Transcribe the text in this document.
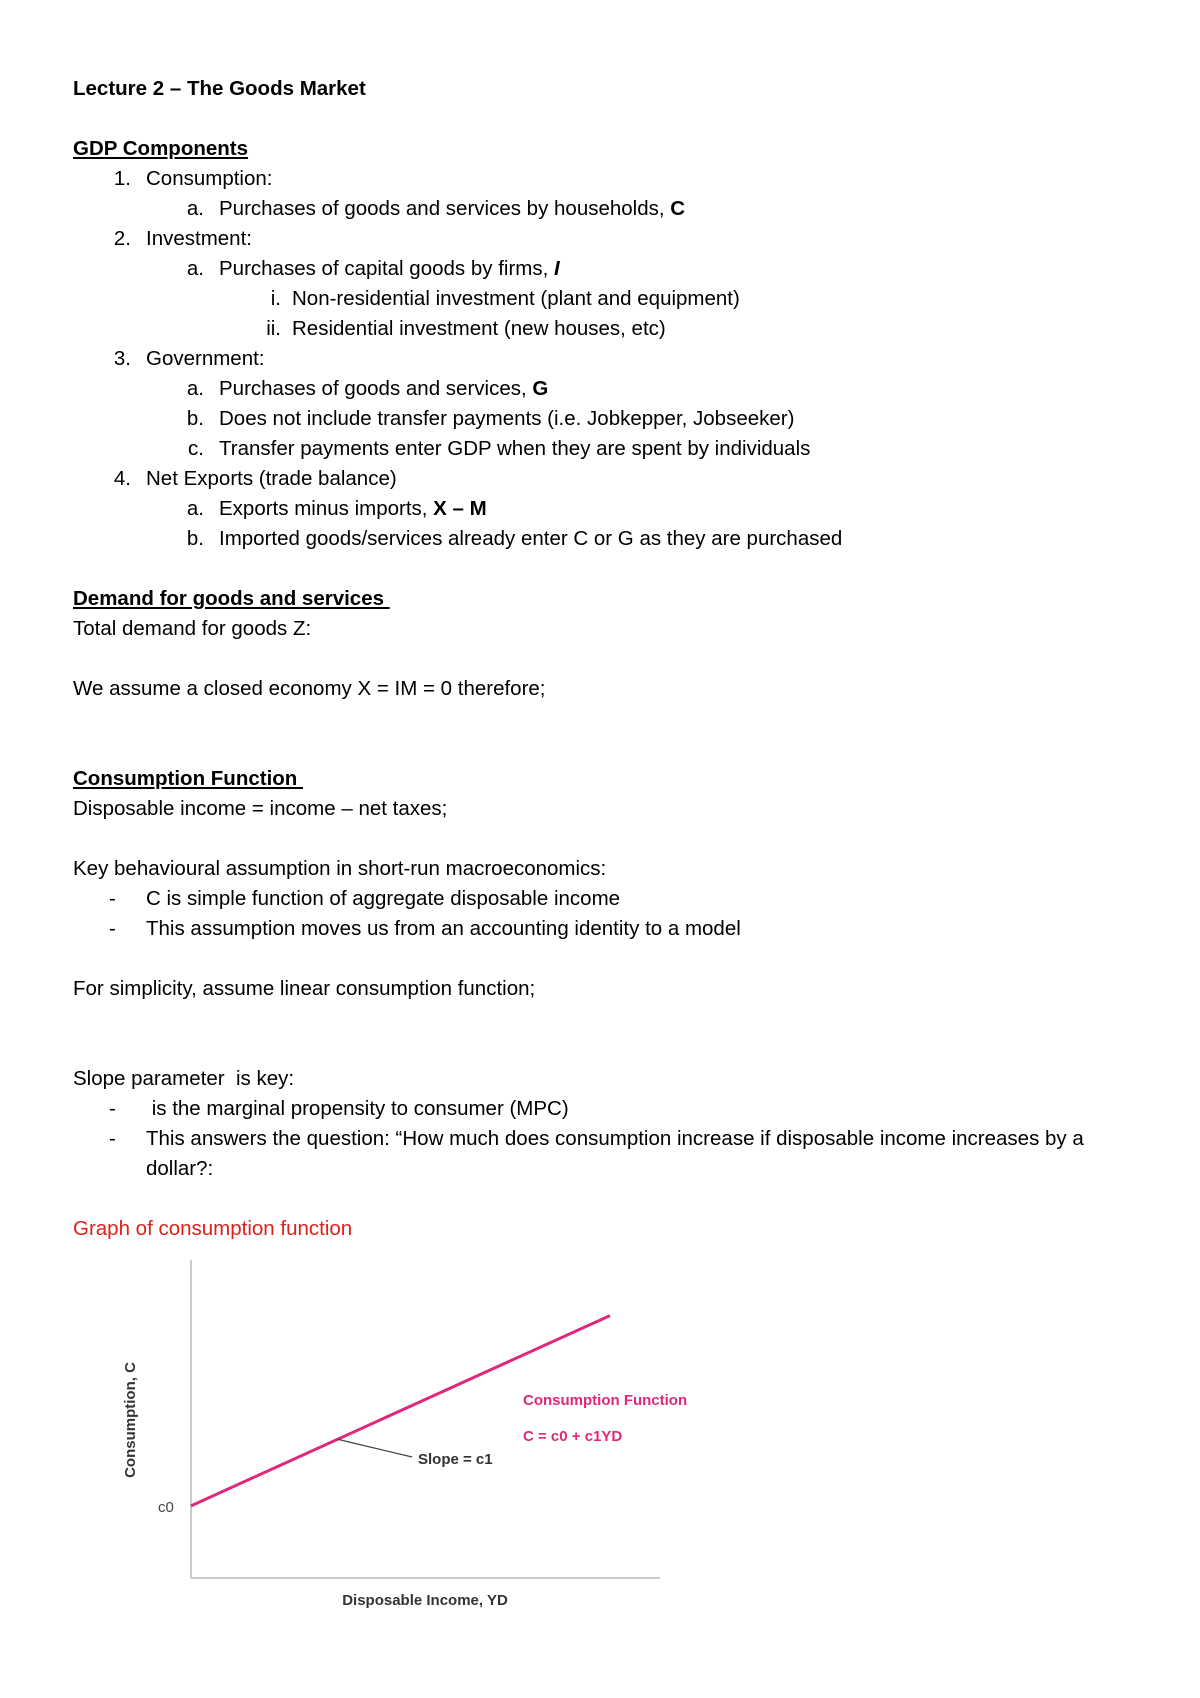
Lecture 2 – The Goods Market
GDP Components
1. Consumption:
a. Purchases of goods and services by households, C
2. Investment:
a. Purchases of capital goods by firms, I
i. Non-residential investment (plant and equipment)
ii. Residential investment (new houses, etc)
3. Government:
a. Purchases of goods and services, G
b. Does not include transfer payments (i.e. Jobkepper, Jobseeker)
c. Transfer payments enter GDP when they are spent by individuals
4. Net Exports (trade balance)
a. Exports minus imports, X – M
b. Imported goods/services already enter C or G as they are purchased
Demand for goods and services
Total demand for goods Z:
We assume a closed economy X = IM = 0 therefore;
Consumption Function
Disposable income = income – net taxes;
Key behavioural assumption in short-run macroeconomics:
- C is simple function of aggregate disposable income
- This assumption moves us from an accounting identity to a model
For simplicity, assume linear consumption function;
Slope parameter  is key:
- is the marginal propensity to consumer (MPC)
- This answers the question: “How much does consumption increase if disposable income increases by a dollar?:
Graph of consumption function
Consumption, C
Disposable Income, YD
c0
Consumption Function
C = c0 + c1YD
Slope = c1
